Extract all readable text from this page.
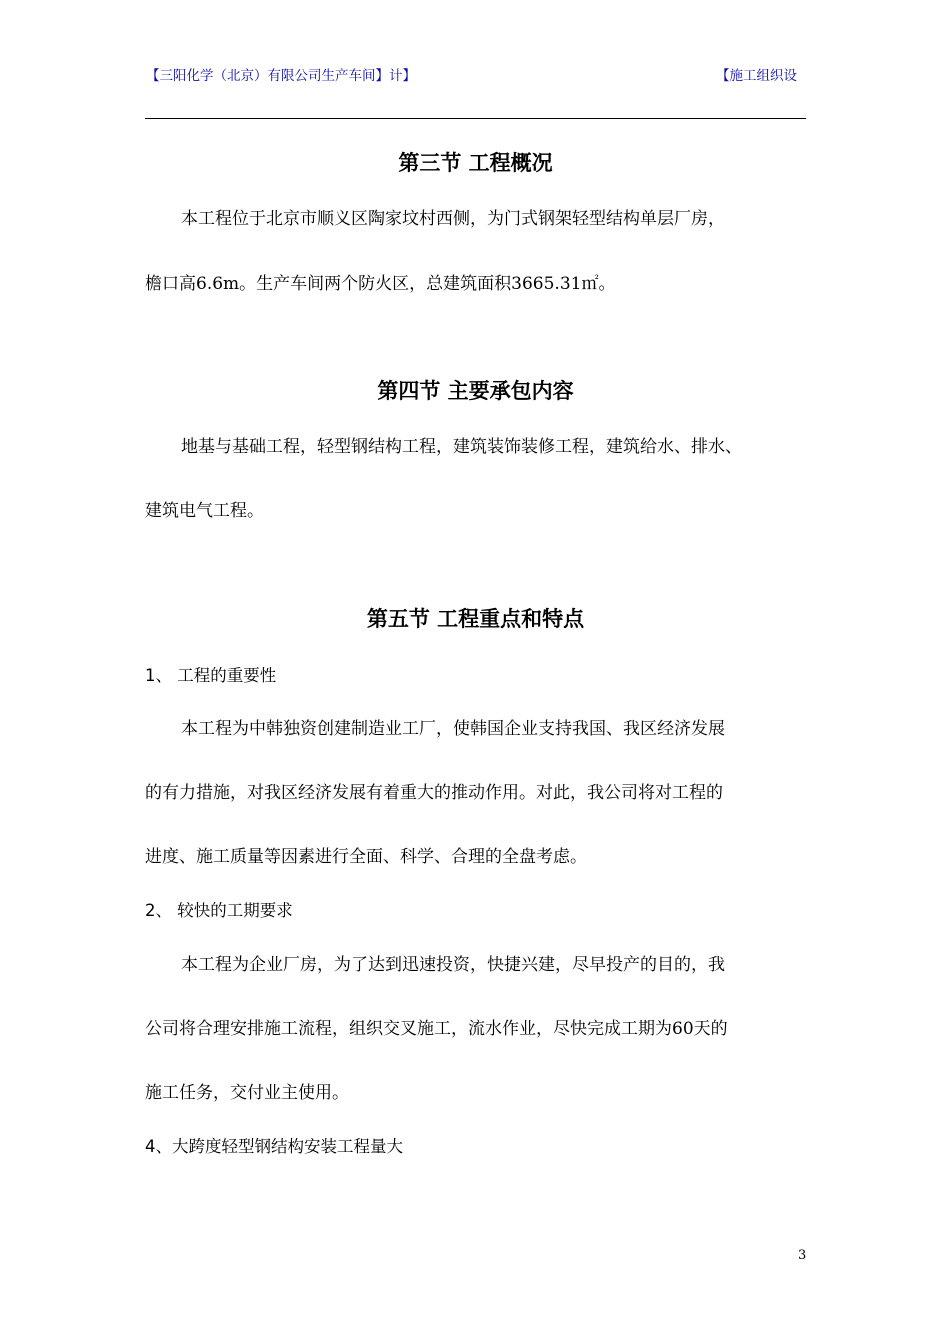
【三阳化学（北京）有限公司生产车间】计】	【施工组织设
第三节 工程概况
本工程位于北京市顺义区陶家坟村西侧，为门式钢架轻型结构单层厂房，
檐口高6.6m。生产车间两个防火区，总建筑面积3665.31㎡。
第四节 主要承包内容
地基与基础工程，轻型钢结构工程，建筑装饰装修工程，建筑给水、排水、
建筑电气工程。
第五节 工程重点和特点
1、 工程的重要性
本工程为中韩独资创建制造业工厂，使韩国企业支持我国、我区经济发展
的有力措施，对我区经济发展有着重大的推动作用。对此，我公司将对工程的
进度、施工质量等因素进行全面、科学、合理的全盘考虑。
2、 较快的工期要求
本工程为企业厂房，为了达到迅速投资，快捷兴建，尽早投产的目的，我
公司将合理安排施工流程，组织交叉施工，流水作业，尽快完成工期为60天的
施工任务，交付业主使用。
4、大跨度轻型钢结构安装工程量大
3
